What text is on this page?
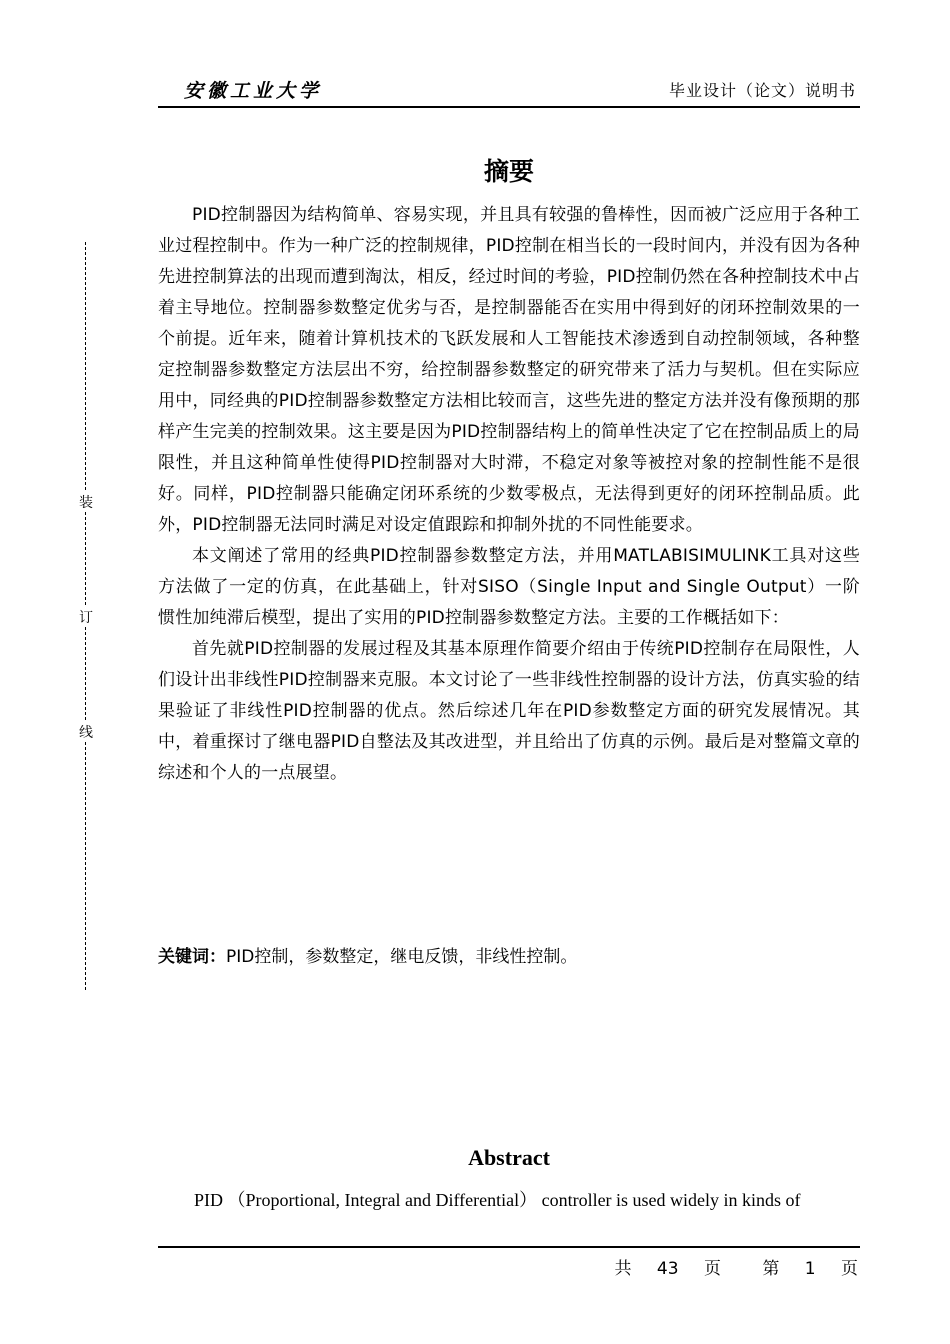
安徽工业大学	毕业设计（论文）说明书
装
订
线
摘要

PID控制器因为结构简单、容易实现，并且具有较强的鲁棒性，因而被广泛应用于各种工业过程控制中。作为一种广泛的控制规律，PID控制在相当长的一段时间内，并没有因为各种先进控制算法的出现而遭到淘汰，相反，经过时间的考验，PID控制仍然在各种控制技术中占着主导地位。控制器参数整定优劣与否，是控制器能否在实用中得到好的闭环控制效果的一个前提。近年来，随着计算机技术的飞跃发展和人工智能技术渗透到自动控制领域，各种整定控制器参数整定方法层出不穷，给控制器参数整定的研究带来了活力与契机。但在实际应用中，同经典的PID控制器参数整定方法相比较而言，这些先进的整定方法并没有像预期的那样产生完美的控制效果。这主要是因为PID控制器结构上的简单性决定了它在控制品质上的局限性，并且这种简单性使得PID控制器对大时滞，不稳定对象等被控对象的控制性能不是很好。同样，PID控制器只能确定闭环系统的少数零极点，无法得到更好的闭环控制品质。此外，PID控制器无法同时满足对设定值跟踪和抑制外扰的不同性能要求。

本文阐述了常用的经典PID控制器参数整定方法，并用MATLABISIMULINK工具对这些方法做了一定的仿真，在此基础上，针对SISO（Single Input and Single Output）一阶惯性加纯滞后模型，提出了实用的PID控制器参数整定方法。主要的工作概括如下：

首先就PID控制器的发展过程及其基本原理作简要介绍由于传统PID控制存在局限性，人们设计出非线性PID控制器来克服。本文讨论了一些非线性控制器的设计方法，仿真实验的结果验证了非线性PID控制器的优点。然后综述几年在PID参数整定方面的研究发展情况。其中，着重探讨了继电器PID自整法及其改进型，并且给出了仿真的示例。最后是对整篇文章的综述和个人的一点展望。

关键词：PID控制，参数整定，继电反馈，非线性控制。
Abstract
PID （Proportional, Integral and Differential） controller is used widely in kinds of
共 43 页 第 1 页
